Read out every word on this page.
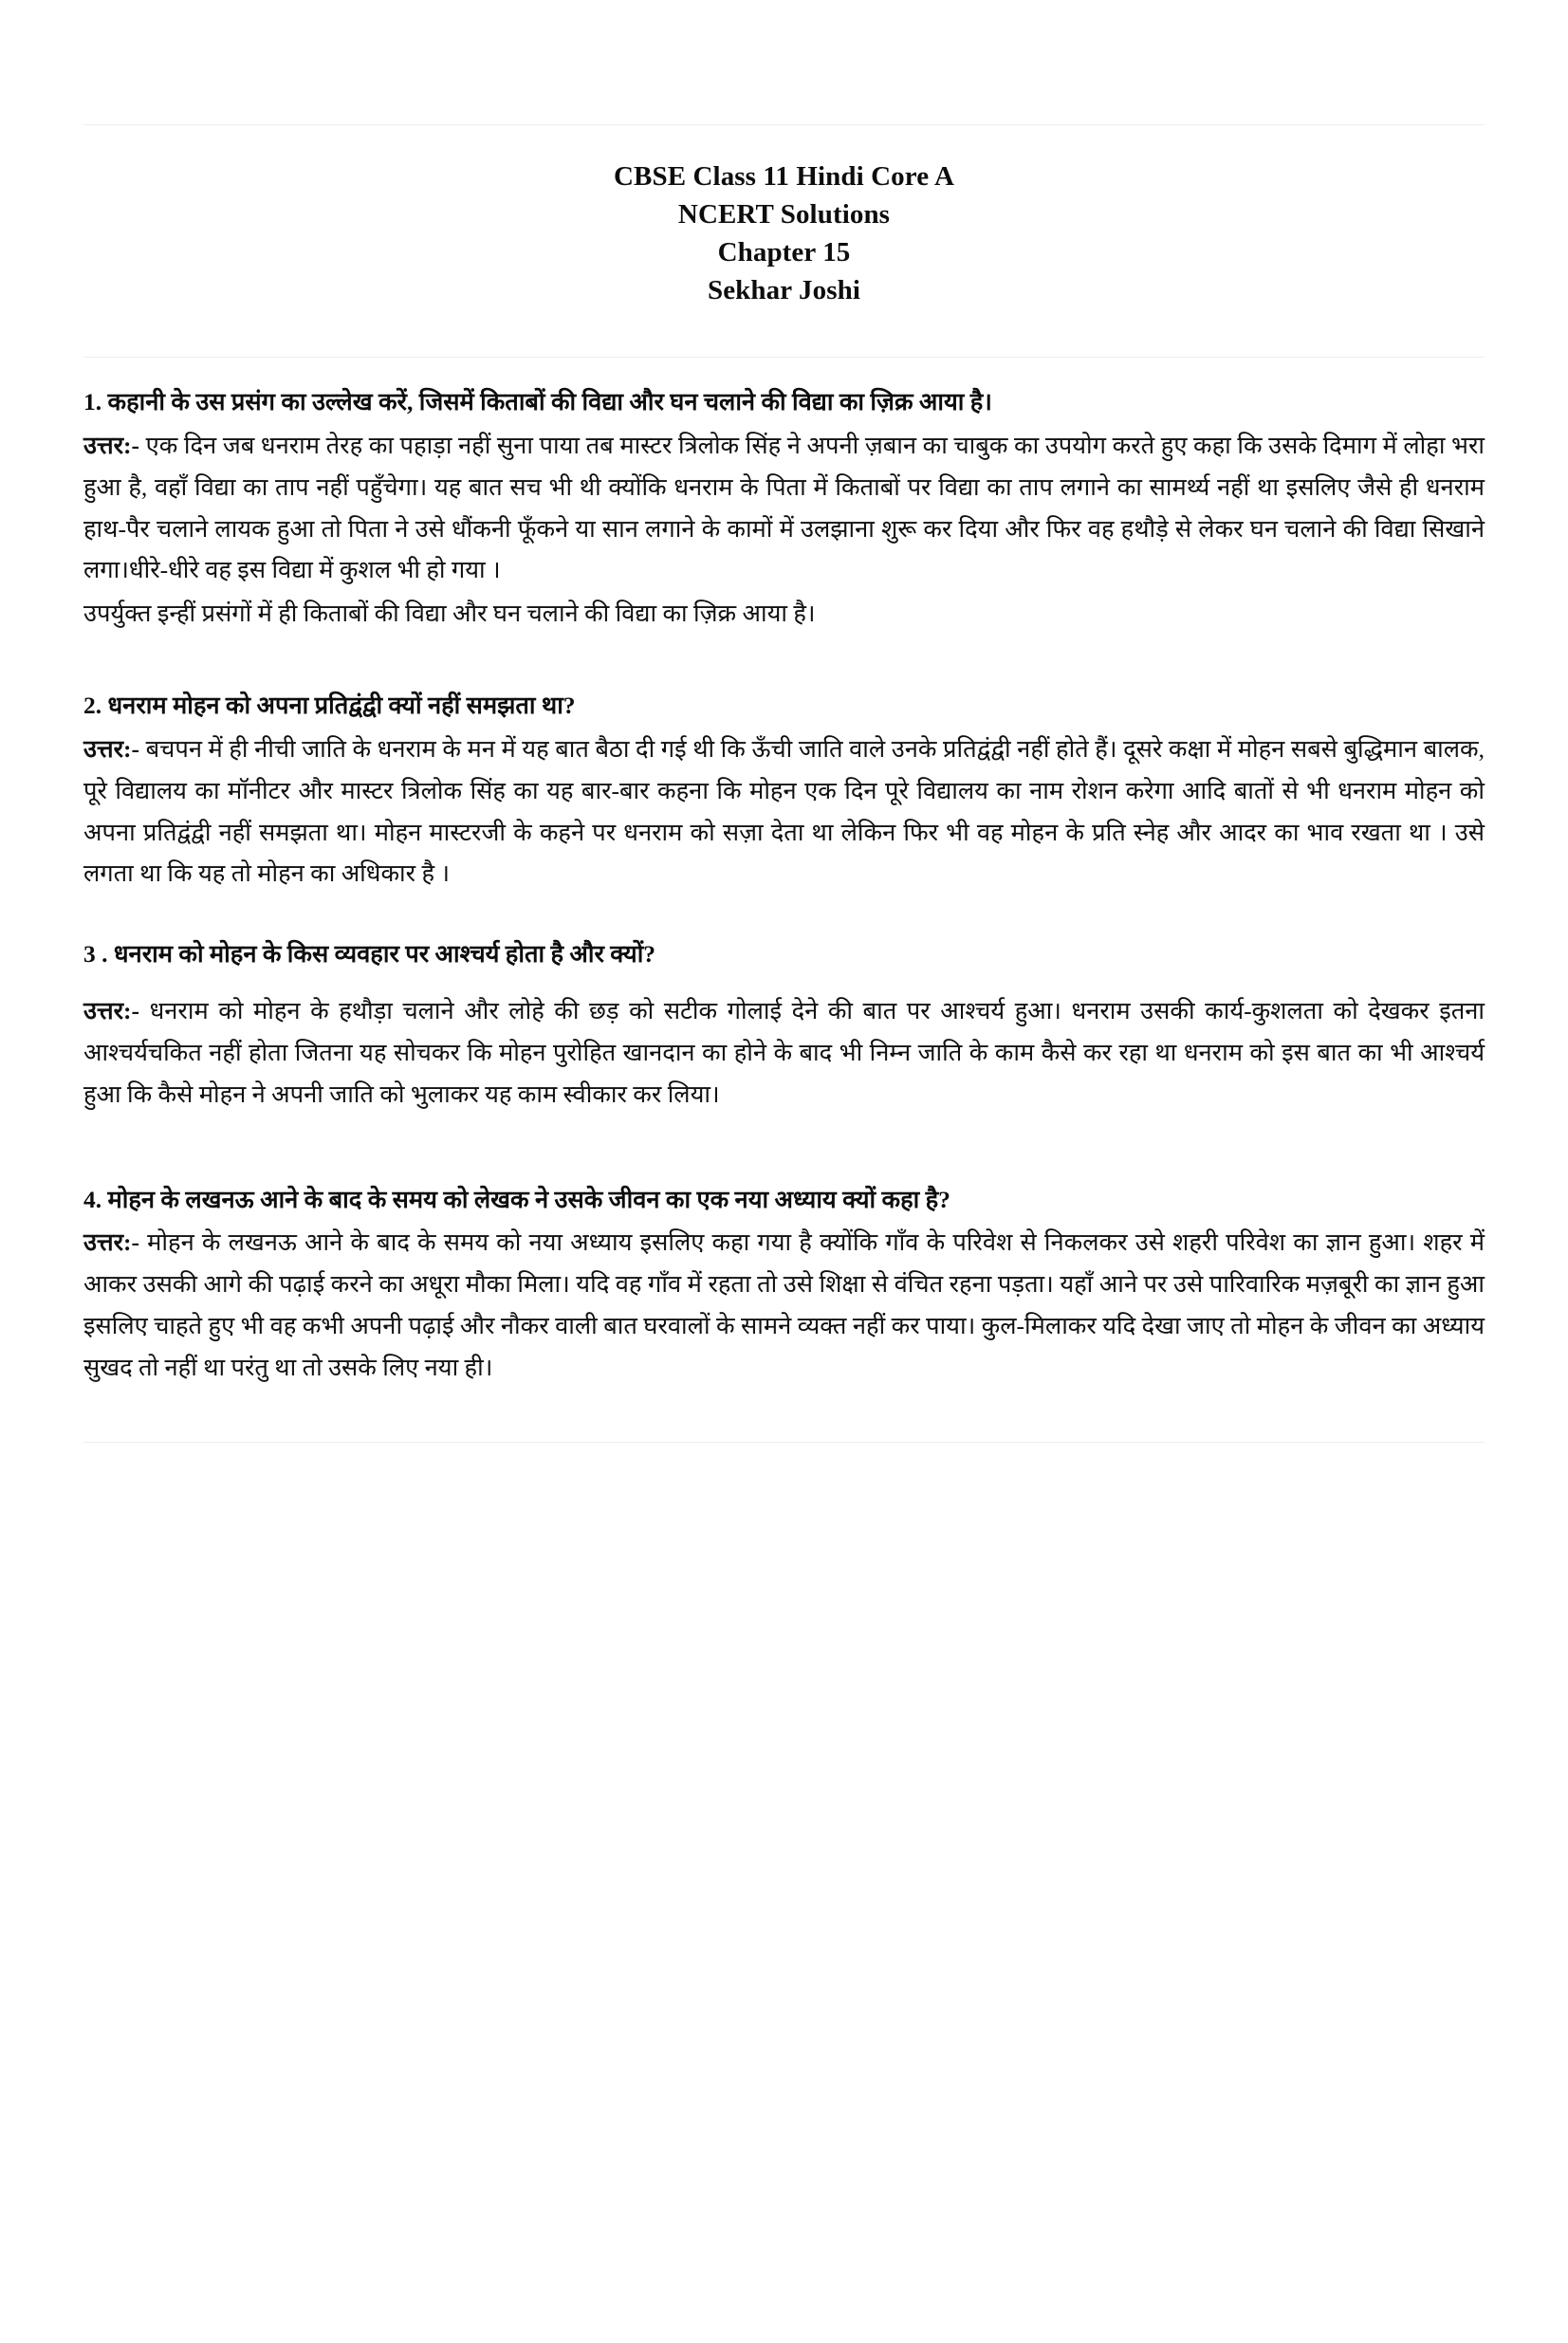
CBSE Class 11 Hindi Core A
NCERT Solutions
Chapter 15
Sekhar Joshi

1. कहानी के उस प्रसंग का उल्लेख करें, जिसमें किताबों की विद्या और घन चलाने की विद्या का ज़िक्र आया है।

उत्तर:- एक दिन जब धनराम तेरह का पहाड़ा नहीं सुना पाया तब मास्टर त्रिलोक सिंह ने अपनी ज़बान का चाबुक का उपयोग करते हुए कहा कि उसके दिमाग में लोहा भरा हुआ है, वहाँ विद्या का ताप नहीं पहुँचेगा। यह बात सच भी थी क्योंकि धनराम के पिता में किताबों पर विद्या का ताप लगाने का सामर्थ्य नहीं था इसलिए जैसे ही धनराम हाथ-पैर चलाने लायक हुआ तो पिता ने उसे धौंकनी फूँकने या सान लगाने के कामों में उलझाना शुरू कर दिया और फिर वह हथौड़े से लेकर घन चलाने की विद्या सिखाने लगा।धीरे-धीरे वह इस विद्या में कुशल भी हो गया ।

उपर्युक्त इन्हीं प्रसंगों में ही किताबों की विद्या और घन चलाने की विद्या का ज़िक्र आया है।

2. धनराम मोहन को अपना प्रतिद्वंद्वी क्यों नहीं समझता था?

उत्तर:- बचपन में ही नीची जाति के धनराम के मन में यह बात बैठा दी गई थी कि ऊँची जाति वाले उनके प्रतिद्वंद्वी नहीं होते हैं। दूसरे कक्षा में मोहन सबसे बुद्धिमान बालक, पूरे विद्यालय का मॉनीटर और मास्टर त्रिलोक सिंह का यह बार-बार कहना कि मोहन एक दिन पूरे विद्यालय का नाम रोशन करेगा आदि बातों से भी धनराम मोहन को अपना प्रतिद्वंद्वी नहीं समझता था। मोहन मास्टरजी के कहने पर धनराम को सज़ा देता था लेकिन फिर भी वह मोहन के प्रति स्नेह और आदर का भाव रखता था । उसे लगता था कि यह तो मोहन का अधिकार है ।

3 . धनराम को मोहन के किस व्यवहार पर आश्चर्य होता है और क्यों?

उत्तर:- धनराम को मोहन के हथौड़ा चलाने और लोहे की छड़ को सटीक गोलाई देने की बात पर आश्चर्य हुआ। धनराम उसकी कार्य-कुशलता को देखकर इतना आश्चर्यचकित नहीं होता जितना यह सोचकर कि मोहन पुरोहित खानदान का होने के बाद भी निम्न जाति के काम कैसे कर रहा था धनराम को इस बात का भी आश्चर्य हुआ कि कैसे मोहन ने अपनी जाति को भुलाकर यह काम स्वीकार कर लिया।

4. मोहन के लखनऊ आने के बाद के समय को लेखक ने उसके जीवन का एक नया अध्याय क्यों कहा है?

उत्तर:- मोहन के लखनऊ आने के बाद के समय को नया अध्याय इसलिए कहा गया है क्योंकि गाँव के परिवेश से निकलकर उसे शहरी परिवेश का ज्ञान हुआ। शहर में आकर उसकी आगे की पढ़ाई करने का अधूरा मौका मिला। यदि वह गाँव में रहता तो उसे शिक्षा से वंचित रहना पड़ता। यहाँ आने पर उसे पारिवारिक मज़बूरी का ज्ञान हुआ इसलिए चाहते हुए भी वह कभी अपनी पढ़ाई और नौकर वाली बात घरवालों के सामने व्यक्त नहीं कर पाया। कुल-मिलाकर यदि देखा जाए तो मोहन के जीवन का अध्याय सुखद तो नहीं था परंतु था तो उसके लिए नया ही।
